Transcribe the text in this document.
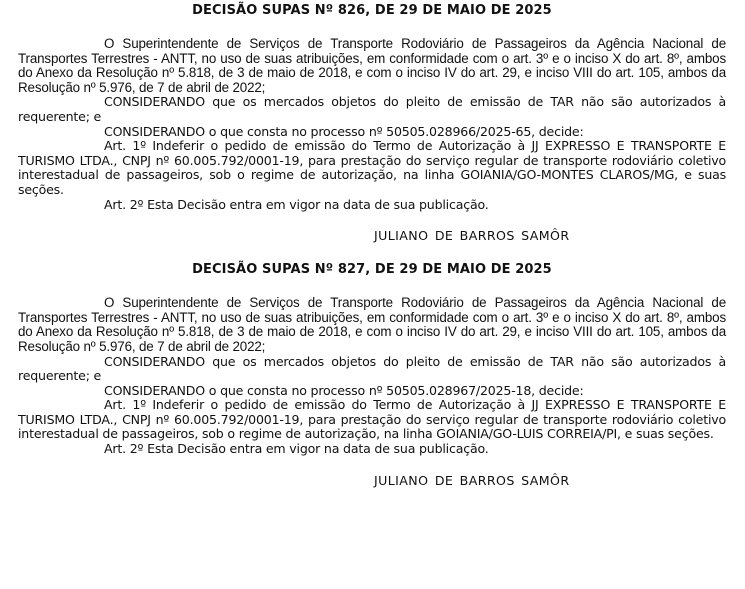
DECISÃO SUPAS Nº 826, DE 29 DE MAIO DE 2025

O Superintendente de Serviços de Transporte Rodoviário de Passageiros da Agência Nacional de Transportes Terrestres - ANTT, no uso de suas atribuições, em conformidade com o art. 3º e o inciso X do art. 8º, ambos do Anexo da Resolução nº 5.818, de 3 de maio de 2018, e com o inciso IV do art. 29, e inciso VIII do art. 105, ambos da Resolução nº 5.976, de 7 de abril de 2022;

CONSIDERANDO que os mercados objetos do pleito de emissão de TAR não são autorizados à requerente; e

CONSIDERANDO o que consta no processo nº 50505.028966/2025-65, decide:

Art. 1º Indeferir o pedido de emissão do Termo de Autorização à JJ EXPRESSO E TRANSPORTE E TURISMO LTDA., CNPJ nº 60.005.792/0001-19, para prestação do serviço regular de transporte rodoviário coletivo interestadual de passageiros, sob o regime de autorização, na linha GOIANIA/GO-MONTES CLAROS/MG, e suas seções.

Art. 2º Esta Decisão entra em vigor na data de sua publicação.

JULIANO DE BARROS SAMÔR

DECISÃO SUPAS Nº 827, DE 29 DE MAIO DE 2025

O Superintendente de Serviços de Transporte Rodoviário de Passageiros da Agência Nacional de Transportes Terrestres - ANTT, no uso de suas atribuições, em conformidade com o art. 3º e o inciso X do art. 8º, ambos do Anexo da Resolução nº 5.818, de 3 de maio de 2018, e com o inciso IV do art. 29, e inciso VIII do art. 105, ambos da Resolução nº 5.976, de 7 de abril de 2022;

CONSIDERANDO que os mercados objetos do pleito de emissão de TAR não são autorizados à requerente; e

CONSIDERANDO o que consta no processo nº 50505.028967/2025-18, decide:

Art. 1º Indeferir o pedido de emissão do Termo de Autorização à JJ EXPRESSO E TRANSPORTE E TURISMO LTDA., CNPJ nº 60.005.792/0001-19, para prestação do serviço regular de transporte rodoviário coletivo interestadual de passageiros, sob o regime de autorização, na linha GOIANIA/GO-LUIS CORREIA/PI, e suas seções.

Art. 2º Esta Decisão entra em vigor na data de sua publicação.

JULIANO DE BARROS SAMÔR
